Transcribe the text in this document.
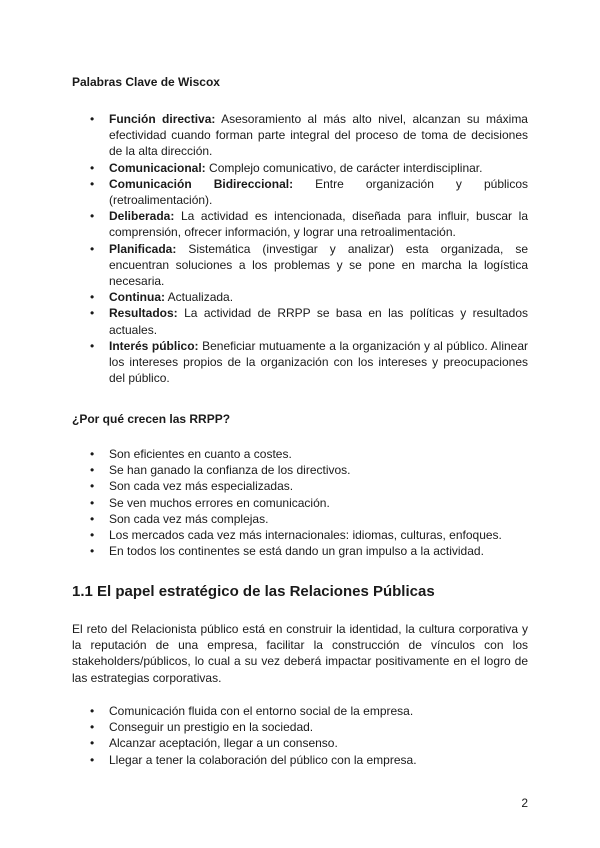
Palabras Clave de Wiscox
• Función directiva: Asesoramiento al más alto nivel, alcanzan su máxima efectividad cuando forman parte integral del proceso de toma de decisiones de la alta dirección.
• Comunicacional: Complejo comunicativo, de carácter interdisciplinar.
• Comunicación Bidireccional: Entre organización y públicos (retroalimentación).
• Deliberada: La actividad es intencionada, diseñada para influir, buscar la comprensión, ofrecer información, y lograr una retroalimentación.
• Planificada: Sistemática (investigar y analizar) esta organizada, se encuentran soluciones a los problemas y se pone en marcha la logística necesaria.
• Continua: Actualizada.
• Resultados: La actividad de RRPP se basa en las políticas y resultados actuales.
• Interés público: Beneficiar mutuamente a la organización y al público. Alinear los intereses propios de la organización con los intereses y preocupaciones del público.
¿Por qué crecen las RRPP?
• Son eficientes en cuanto a costes.
• Se han ganado la confianza de los directivos.
• Son cada vez más especializadas.
• Se ven muchos errores en comunicación.
• Son cada vez más complejas.
• Los mercados cada vez más internacionales: idiomas, culturas, enfoques.
• En todos los continentes se está dando un gran impulso a la actividad.
1.1 El papel estratégico de las Relaciones Públicas
El reto del Relacionista público está en construir la identidad, la cultura corporativa y la reputación de una empresa, facilitar la construcción de vínculos con los stakeholders/públicos, lo cual a su vez deberá impactar positivamente en el logro de las estrategias corporativas.
• Comunicación fluida con el entorno social de la empresa.
• Conseguir un prestigio en la sociedad.
• Alcanzar aceptación, llegar a un consenso.
• Llegar a tener la colaboración del público con la empresa.
2
